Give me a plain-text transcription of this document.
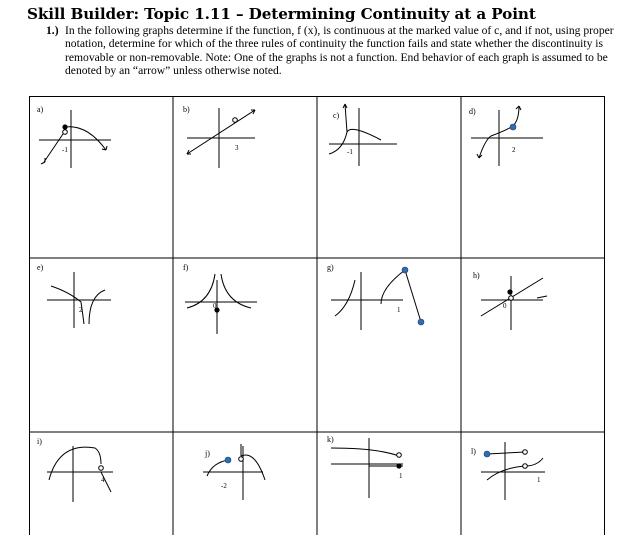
Skill Builder: Topic 1.11 – Determining Continuity at a Point
1.) In the following graphs determine if the function, f (x), is continuous at the marked value of c, and if not, using proper notation, determine for which of the three rules of continuity the function fails and state whether the discontinuity is removable or non-removable. Note: One of the graphs is not a function. End behavior of each graph is assumed to be denoted by an “arrow” unless otherwise noted.
a)
-1
b)
3
c)
-1
d)
2
e)
2
f)
0
g)
1
h)
0
i)
4
j)
-2
k)
1
l)
1
